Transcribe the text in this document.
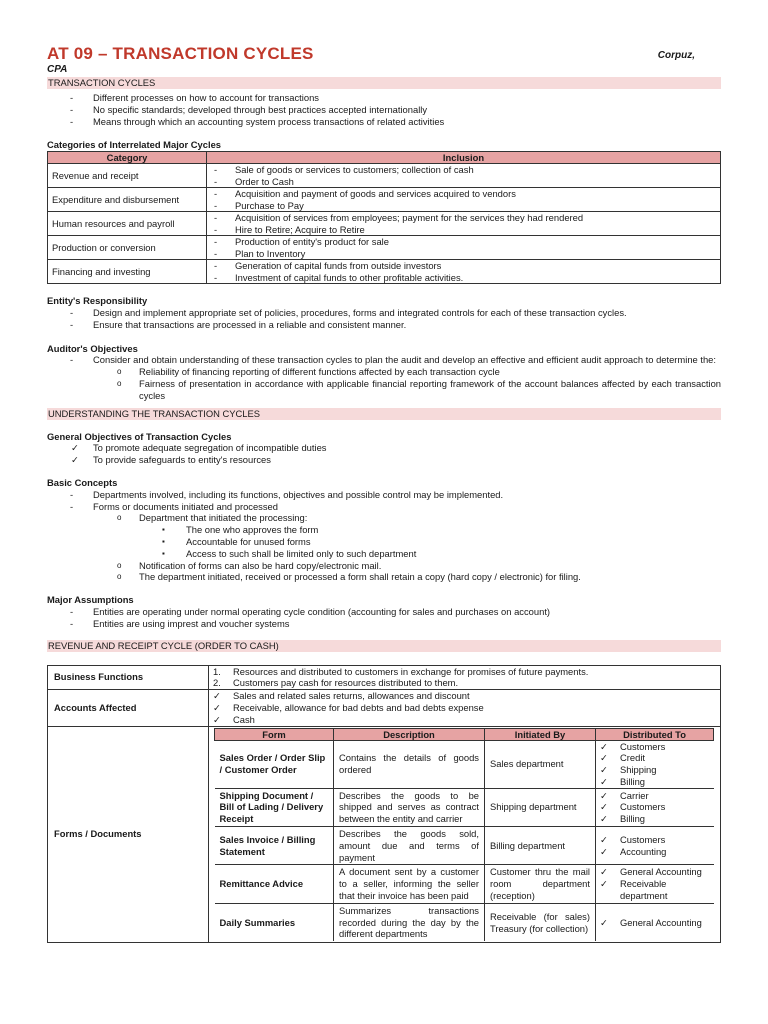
AT 09 – TRANSACTION CYCLES	Corpuz,
CPA
TRANSACTION CYCLES
- Different processes on how to account for transactions
- No specific standards; developed through best practices accepted internationally
- Means through which an accounting system process transactions of related activities
Categories of Interrelated Major Cycles
Category	Inclusion
Revenue and receipt	- Sale of goods or services to customers; collection of cash
- Order to Cash

Expenditure and disbursement	- Acquisition and payment of goods and services acquired to vendors
- Purchase to Pay

Human resources and payroll	- Acquisition of services from employees; payment for the services they had rendered
- Hire to Retire; Acquire to Retire

Production or conversion	- Production of entity's product for sale
- Plan to Inventory

Financing and investing	- Generation of capital funds from outside investors
- Investment of capital funds to other profitable activities.
Entity's Responsibility
- Design and implement appropriate set of policies, procedures, forms and integrated controls for each of these transaction cycles.
- Ensure that transactions are processed in a reliable and consistent manner.
Auditor's Objectives
- Consider and obtain understanding of these transaction cycles to plan the audit and develop an effective and efficient audit approach to determine the:
o Reliability of financing reporting of different functions affected by each transaction cycle
o Fairness of presentation in accordance with applicable financial reporting framework of the account balances affected by each transaction cycles
UNDERSTANDING THE TRANSACTION CYCLES
General Objectives of Transaction Cycles
✓ To promote adequate segregation of incompatible duties
✓ To provide safeguards to entity's resources
Basic Concepts
- Departments involved, including its functions, objectives and possible control may be implemented.
- Forms or documents initiated and processed
o Department that initiated the processing:
▪ The one who approves the form
▪ Accountable for unused forms
▪ Access to such shall be limited only to such department
o Notification of forms can also be hard copy/electronic mail.
o The department initiated, received or processed a form shall retain a copy (hard copy / electronic) for filing.
Major Assumptions
- Entities are operating under normal operating cycle condition (accounting for sales and purchases on account)
- Entities are using imprest and voucher systems
REVENUE AND RECEIPT CYCLE (ORDER TO CASH)
Business Functions	
1. Resources and distributed to customers in exchange for promises of future payments.
2. Customers pay cash for resources distributed to them.

Accounts Affected	
✓ Sales and related sales returns, allowances and discount
✓ Receivable, allowance for bad debts and bad debts expense
✓ Cash

Forms / Documents	
Form	Description	Initiated By	Distributed To
Sales Order / Order Slip / Customer Order	Contains the details of goods ordered	Sales department	
✓ Customers
✓ Credit
✓ Shipping
✓ Billing

Shipping Document / Bill of Lading / Delivery Receipt	Describes the goods to be shipped and serves as contract between the entity and carrier	Shipping department	
✓ Carrier
✓ Customers
✓ Billing

Sales Invoice / Billing Statement	Describes the goods sold, amount due and terms of payment	Billing department	
✓ Customers
✓ Accounting

Remittance Advice	A document sent by a customer to a seller, informing the seller that their invoice has been paid	Customer thru the mail room department (reception)	
✓ General Accounting
✓ Receivable department

Daily Summaries	Summarizes transactions recorded during the day by the different departments	Receivable (for sales) Treasury (for collection)	
✓ General Accounting
